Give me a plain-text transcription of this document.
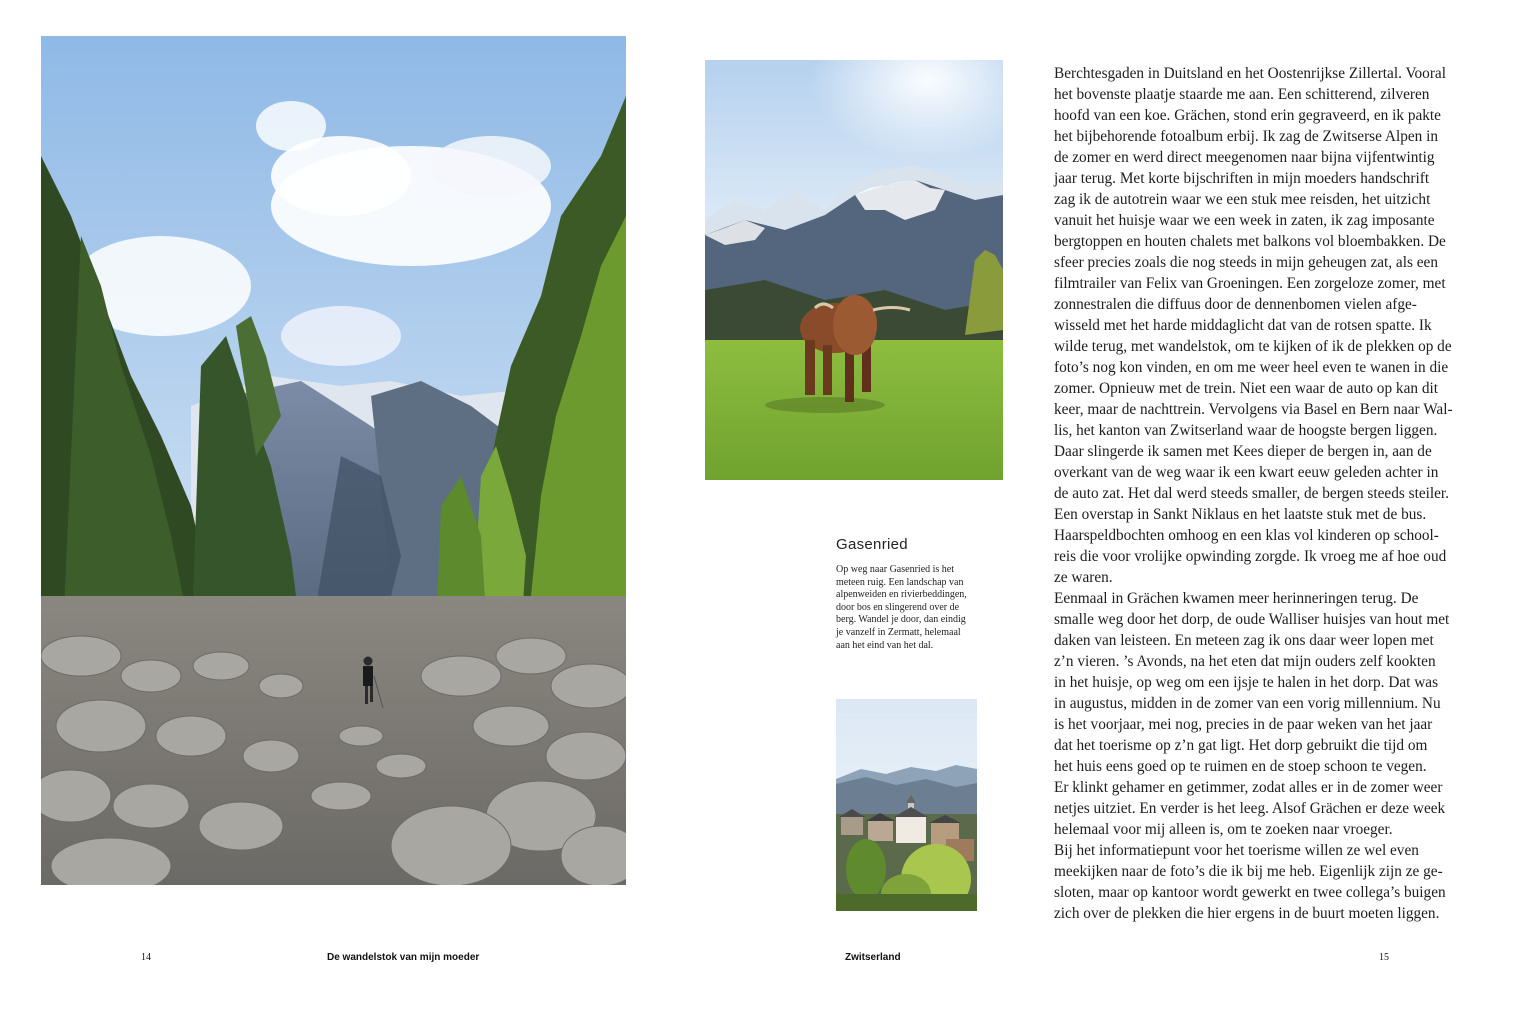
Gasenried
Op weg naar Gasenried is het meteen ruig. Een landschap van alpenweiden en rivierbeddingen, door bos en slingerend over de berg. Wandel je door, dan eindig je vanzelf in Zermatt, helemaal aan het eind van het dal.
Berchtesgaden in Duitsland en het Oostenrijkse Zillertal. Vooral
het bovenste plaatje staarde me aan. Een schitterend, zilveren
hoofd van een koe. Grächen, stond erin gegraveerd, en ik pakte
het bijbehorende fotoalbum erbij. Ik zag de Zwitserse Alpen in
de zomer en werd direct meegenomen naar bijna vijfentwintig
jaar terug. Met korte bijschriften in mijn moeders handschrift
zag ik de autotrein waar we een stuk mee reisden, het uitzicht
vanuit het huisje waar we een week in zaten, ik zag imposante
bergtoppen en houten chalets met balkons vol bloembakken. De
sfeer precies zoals die nog steeds in mijn geheugen zat, als een
filmtrailer van Felix van Groeningen. Een zorgeloze zomer, met
zonnestralen die diffuus door de dennenbomen vielen afge-
wisseld met het harde middaglicht dat van de rotsen spatte. Ik
wilde terug, met wandelstok, om te kijken of ik de plekken op de
foto’s nog kon vinden, en om me weer heel even te wanen in die
zomer. Opnieuw met de trein. Niet een waar de auto op kan dit
keer, maar de nachttrein. Vervolgens via Basel en Bern naar Wal-
lis, het kanton van Zwitserland waar de hoogste bergen liggen.
Daar slingerde ik samen met Kees dieper de bergen in, aan de
overkant van de weg waar ik een kwart eeuw geleden achter in
de auto zat. Het dal werd steeds smaller, de bergen steeds steiler.
Een overstap in Sankt Niklaus en het laatste stuk met de bus.
Haarspeldbochten omhoog en een klas vol kinderen op school-
reis die voor vrolijke opwinding zorgde. Ik vroeg me af hoe oud
ze waren.
Eenmaal in Grächen kwamen meer herinneringen terug. De
smalle weg door het dorp, de oude Walliser huisjes van hout met
daken van leisteen. En meteen zag ik ons daar weer lopen met
z’n vieren. ’s Avonds, na het eten dat mijn ouders zelf kookten
in het huisje, op weg om een ijsje te halen in het dorp. Dat was
in augustus, midden in de zomer van een vorig millennium. Nu
is het voorjaar, mei nog, precies in de paar weken van het jaar
dat het toerisme op z’n gat ligt. Het dorp gebruikt die tijd om
het huis eens goed op te ruimen en de stoep schoon te vegen.
Er klinkt gehamer en getimmer, zodat alles er in de zomer weer
netjes uitziet. En verder is het leeg. Alsof Grächen er deze week
helemaal voor mij alleen is, om te zoeken naar vroeger.
Bij het informatiepunt voor het toerisme willen ze wel even
meekijken naar de foto’s die ik bij me heb. Eigenlijk zijn ze ge-
sloten, maar op kantoor wordt gewerkt en twee collega’s buigen
zich over de plekken die hier ergens in de buurt moeten liggen.
14	De wandelstok van mijn moeder	Zwitserland	15
